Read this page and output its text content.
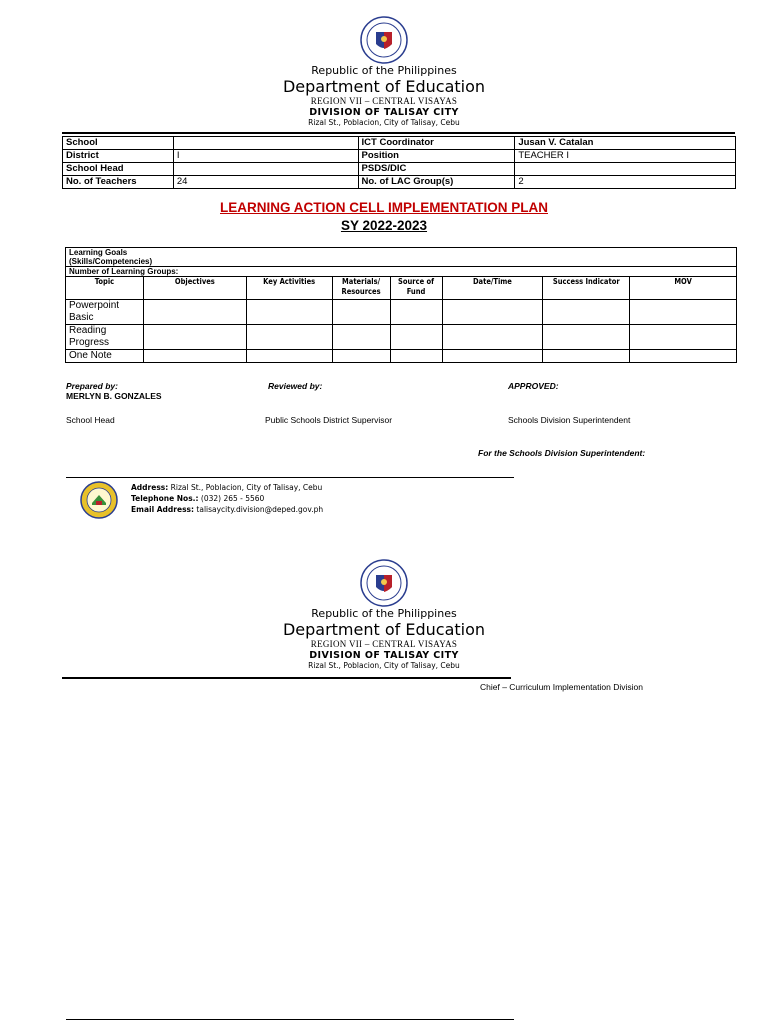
Republic of the Philippines
Department of Education
REGION VII – CENTRAL VISAYAS
DIVISION OF TALISAY CITY
Rizal St., Poblacion, City of Talisay, Cebu
School		ICT Coordinator	Jusan V. Catalan
District	I	Position	TEACHER I
School Head		PSDS/DIC	
No. of Teachers	24	No. of LAC Group(s)	2
LEARNING ACTION CELL IMPLEMENTATION PLAN
SY 2022-2023
Learning Goals
(Skills/Competencies)							

Number of Learning Groups:							
Topic	Objectives	Key Activities	Materials/ Resources	Source of Fund	Date/Time	Success Indicator	MOV
Powerpoint Basic							
Reading Progress							
One Note							
Prepared by:
MERLYN B. GONZALES
School Head
Reviewed by:
Public Schools District Supervisor
APPROVED:
Schools Division Superintendent
For the Schools Division Superintendent:
Address: Rizal St., Poblacion, City of Talisay, Cebu
Telephone Nos.: (032) 265 - 5560
Email Address: talisaycity.division@deped.gov.ph
Republic of the Philippines
Department of Education
REGION VII – CENTRAL VISAYAS
DIVISION OF TALISAY CITY
Rizal St., Poblacion, City of Talisay, Cebu
Chief – Curriculum Implementation Division
